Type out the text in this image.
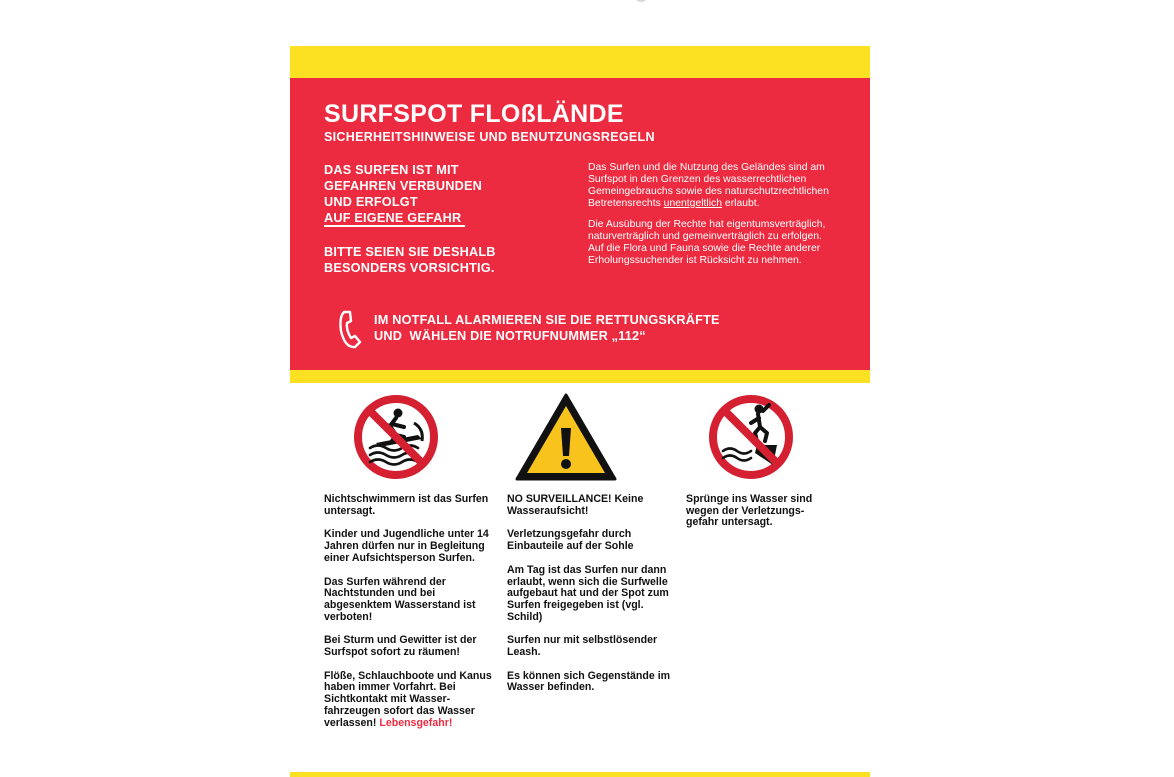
SURFSPOT FLOßLÄNDE
SICHERHEITSHINWEISE UND BENUTZUNGSREGELN
DAS SURFEN IST MIT
GEFAHREN VERBUNDEN
UND ERFOLGT
AUF EIGENE GEFAHR
BITTE SEIEN SIE DESHALB
BESONDERS VORSICHTIG.

Das Surfen und die Nutzung des Geländes sind am Surfspot in den Grenzen des wasserrechtlichen Gemeingebrauchs sowie des naturschutzrechtlichen Betretensrechts unentgeltlich erlaubt.

Die Ausübung der Rechte hat eigentumsverträglich, naturverträglich und gemeinverträglich zu erfolgen. Auf die Flora und Fauna sowie die Rechte anderer Erholungssuchender ist Rücksicht zu nehmen.

IM NOTFALL ALARMIEREN SIE DIE RETTUNGSKRÄFTE
UND  WÄHLEN DIE NOTRUFNUMMER „112“

Nichtschwimmern ist das Surfen untersagt.

Kinder und Jugendliche unter 14 Jahren dürfen nur in Begleitung einer Aufsichtsperson Surfen.

Das Surfen während der Nachtstunden und bei abgesenktem Wasserstand ist verboten!

Bei Sturm und Gewitter ist der Surfspot sofort zu räumen!

Flöße, Schlauchboote und Kanus haben immer Vorfahrt. Bei Sichtkontakt mit Wasser-fahrzeugen sofort das Wasser verlassen! Lebensgefahr!

NO SURVEILLANCE! Keine Wasseraufsicht!

Verletzungsgefahr durch Einbauteile auf der Sohle

Am Tag ist das Surfen nur dann erlaubt, wenn sich die Surfwelle aufgebaut hat und der Spot zum Surfen freigegeben ist (vgl. Schild)

Surfen nur mit selbstlösender Leash.

Es können sich Gegenstände im Wasser befinden.

Sprünge ins Wasser sind wegen der Verletzungs-gefahr untersagt.
